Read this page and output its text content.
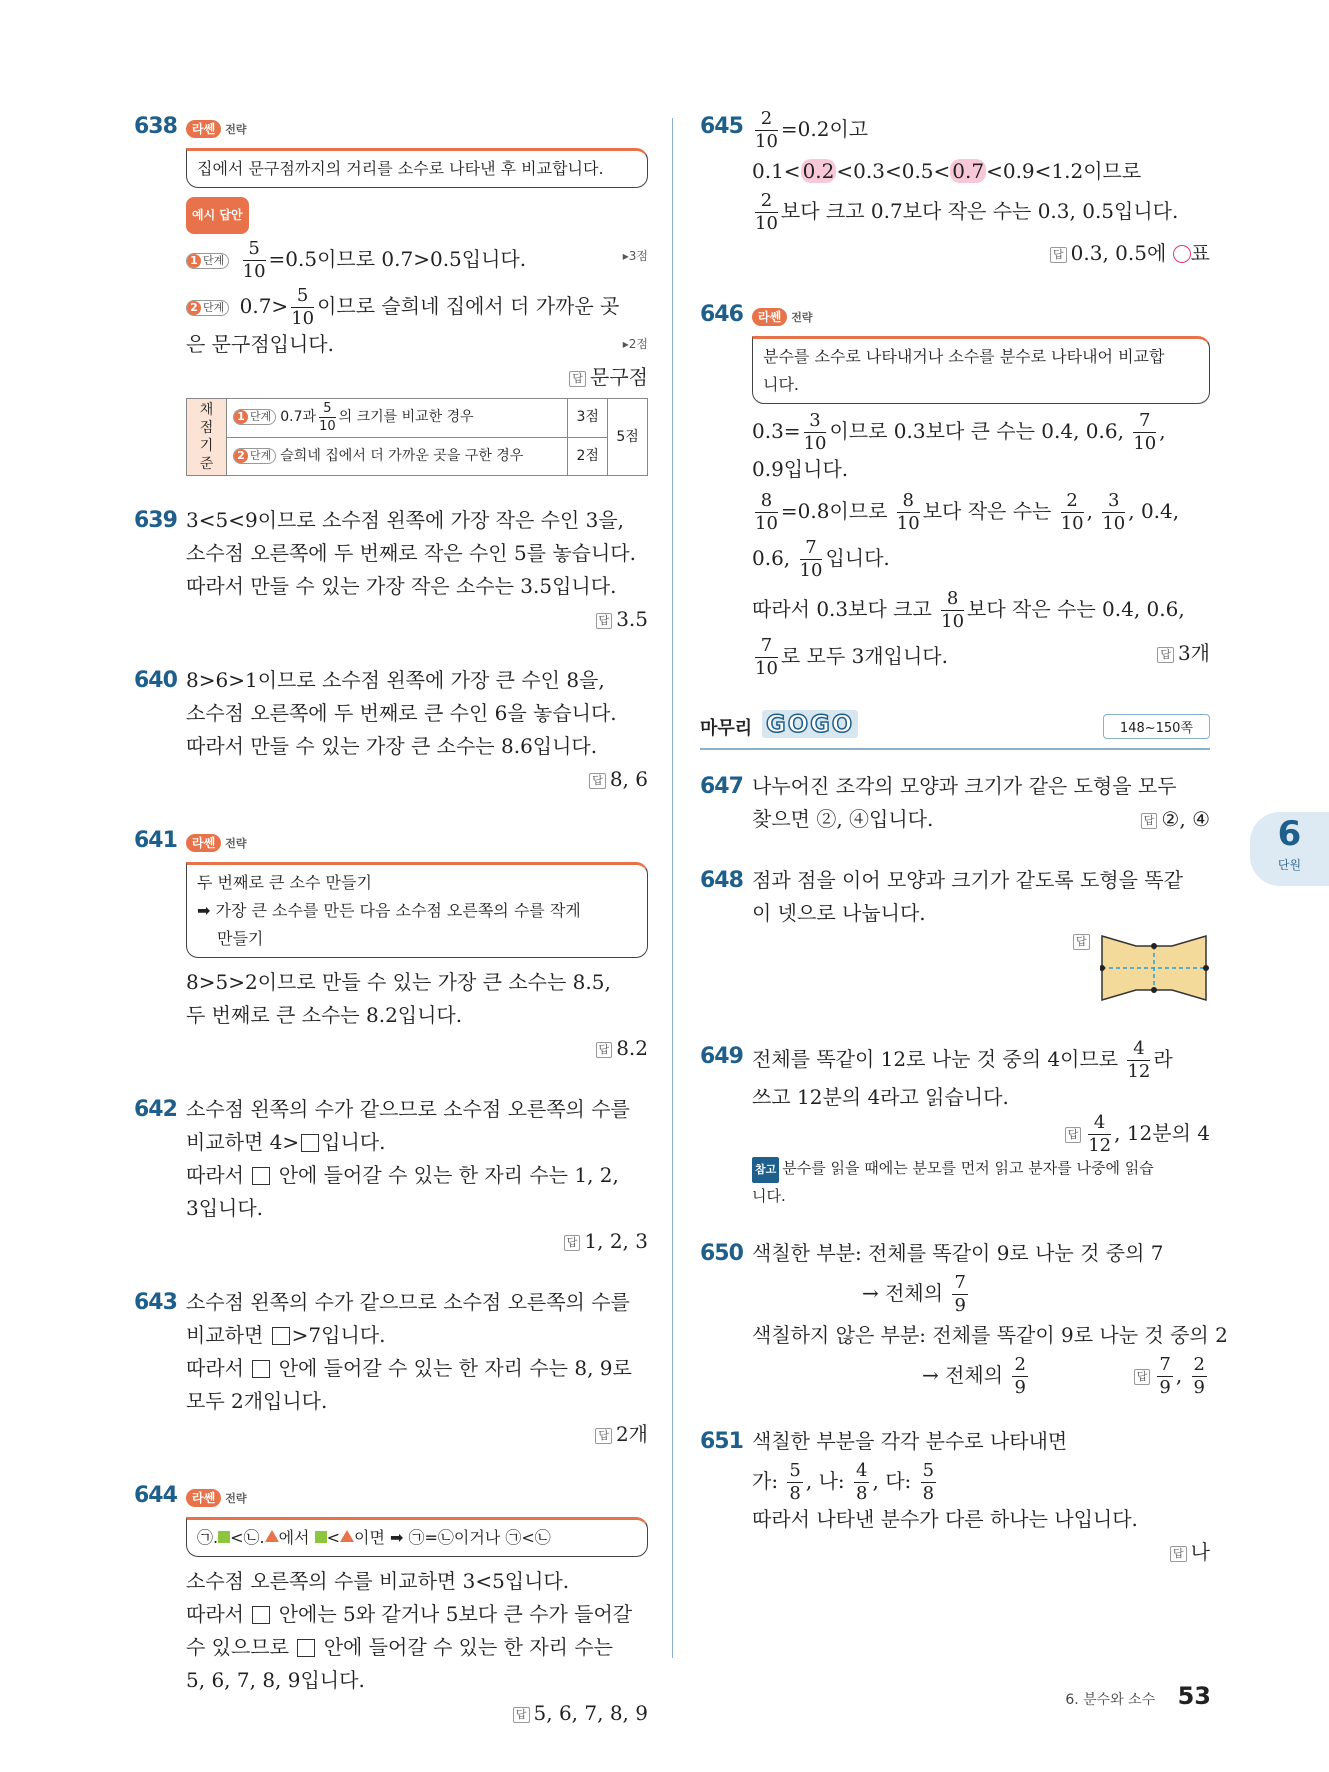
638	라쎈 전략
집에서 문구점까지의 거리를 소수로 나타낸 후 비교합니다.
예시 답안
1 단계 $\frac{5}{10} =0.5$이므로 0.7>0.5입니다.	▸3점
2 단계 $0.7> \frac{5}{10}$ 이므로 슬희네 집에서 더 가까운 곳
은 문구점입니다.	▸2점
답 문구점
채점 기준	1 단계 0.7과 $\frac{5}{10}$ 의 크기를 비교한 경우	3점	5점
	2 단계 슬희네 집에서 더 가까운 곳을 구한 경우	2점	
639 3<5<9이므로 소수점 왼쪽에 가장 작은 수인 3을,
소수점 오른쪽에 두 번째로 작은 수인 5를 놓습니다.
따라서 만들 수 있는 가장 작은 소수는 3.5입니다.
답 3.5
640 8>6>1이므로 소수점 왼쪽에 가장 큰 수인 8을,
소수점 오른쪽에 두 번째로 큰 수인 6을 놓습니다.
따라서 만들 수 있는 가장 큰 소수는 8.6입니다.
답 8, 6
641	라쎈 전략
두 번째로 큰 소수 만들기
➡ 가장 큰 소수를 만든 다음 소수점 오른쪽의 수를 작게
만들기
8>5>2이므로 만들 수 있는 가장 큰 소수는 8.5,
두 번째로 큰 소수는 8.2입니다.
답 8.2
642 소수점 왼쪽의 수가 같으므로 소수점 오른쪽의 수를
비교하면 4> 입니다.
따라서 안에 들어갈 수 있는 한 자리 수는 1, 2,
3입니다.
답 1, 2, 3
643 소수점 왼쪽의 수가 같으므로 소수점 오른쪽의 수를
비교하면 >7입니다.
따라서 안에 들어갈 수 있는 한 자리 수는 8, 9로
모두 2개입니다.
답 2개
644	라쎈 전략
㉠. <㉡. 에서 < 이면 ➡ ㉠=㉡이거나 ㉠<㉡
소수점 오른쪽의 수를 비교하면 3<5입니다.
따라서 안에는 5와 같거나 5보다 큰 수가 들어갈
수 있으므로 안에 들어갈 수 있는 한 자리 수는
5, 6, 7, 8, 9입니다.
답 5, 6, 7, 8, 9
$645 \frac{2}{10} =0.2$이고
0.1< 0.2 <0.3<0.5< 0.7 <0.9<1.2이므로
$\frac{2}{10}$ 보다 크고 0.7보다 작은 수는 0.3, 0.5입니다.
답 0.3, 0.5에 ○표
646	라쎈 전략
분수를 소수로 나타내거나 소수를 분수로 나타내어 비교합
니다.
$0.3= \frac{3}{10}$ 이므로 0.3보다 큰 수는 0.4, 0.6, $\frac{7}{10}$ ,
0.9입니다.
$\frac{8}{10} =0.8$이므로 $\frac{8}{10}$ 보다 작은 수는 $\frac{2}{10}$ , $\frac{3}{10}$ , 0.4,
0.6, $\frac{7}{10}$ 입니다.
따라서 0.3보다 크고 $\frac{8}{10}$ 보다 작은 수는 0.4, 0.6,
$\frac{7}{10}$ 로 모두 3개입니다.	답 3개
마무리 GOGO	148~150쪽
647 나누어진 조각의 모양과 크기가 같은 도형을 모두
찾으면 ②, ④입니다.	답 ②, ④
648 점과 점을 이어 모양과 크기가 같도록 도형을 똑같
이 넷으로 나눕니다.
답
649 전체를 똑같이 12로 나눈 것 중의 4이므로 $\frac{4}{12}$ 라
쓰고 12분의 4라고 읽습니다.
답 $\frac{4}{12}$ , 12분의 4
참고 분수를 읽을 때에는 분모를 먼저 읽고 분자를 나중에 읽습
니다.
650 색칠한 부분: 전체를 똑같이 9로 나눈 것 중의 7
→ 전체의 $\frac{7}{9}$
색칠하지 않은 부분: 전체를 똑같이 9로 나눈 것 중의 2
→ 전체의 $\frac{2}{9}$	답 $\frac{7}{9}$ , $\frac{2}{9}$
651 색칠한 부분을 각각 분수로 나타내면
가: $\frac{5}{8}$ , 나: $\frac{4}{8}$ , 다: $\frac{5}{8}$
따라서 나타낸 분수가 다른 하나는 나입니다.
답 나
6
단원
6. 분수와 소수 53
